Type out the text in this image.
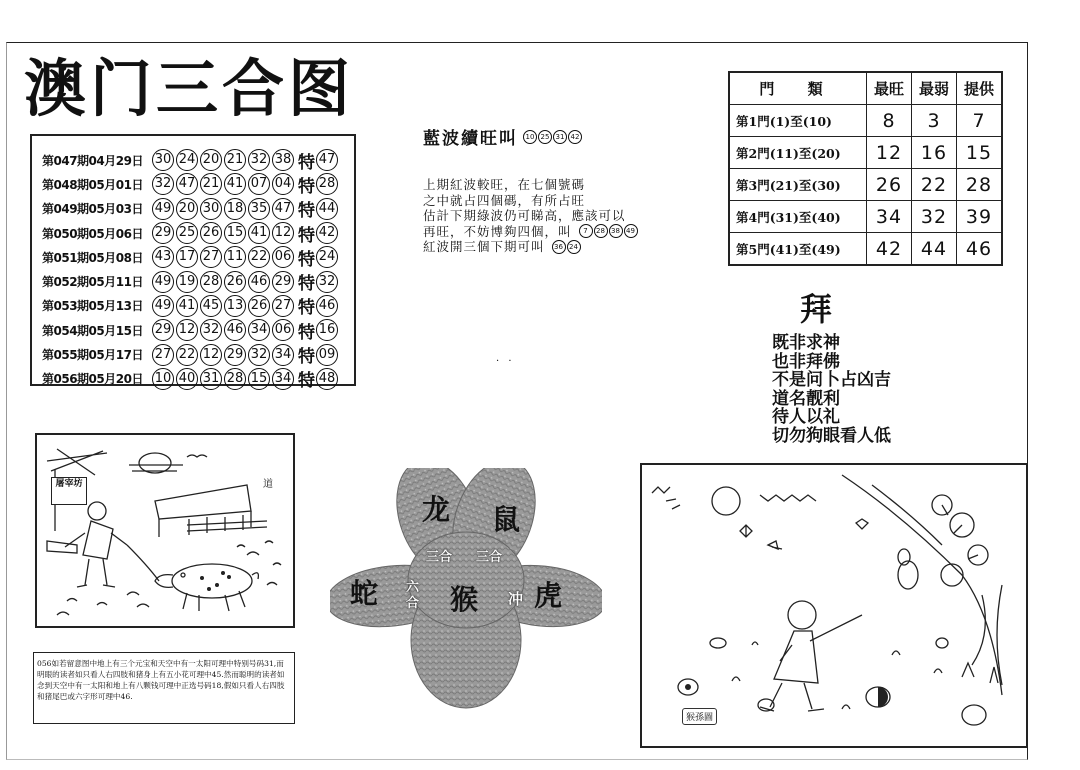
澳门三合图
第047期04月29日 30 24 20 21 32 38 特 47
第048期05月01日 32 47 21 41 07 04 特 28
第049期05月03日 49 20 30 18 35 47 特 44
第050期05月06日 29 25 26 15 41 12 特 42
第051期05月08日 43 17 27 11 22 06 特 24
第052期05月11日 49 19 28 26 46 29 特 32
第053期05月13日 49 41 45 13 26 27 特 46
第054期05月15日 29 12 32 46 34 06 特 16
第055期05月17日 27 22 12 29 32 34 特 09
第056期05月20日 10 40 31 28 15 34 特 48
藍波續旺叫	10 25 31 42
上期紅波較旺，在七個號碼
之中就占四個碼，有所占旺
估計下期綠波仍可睇高，應該可以
再旺，不妨博夠四個，叫	7	28 38 49
紅波開三個下期可叫	36 24
· ·
門 類	最旺	最弱	提供
第1門(1)至(10)	8	3	7
第2門(11)至(20)	12	16	15
第3門(21)至(30)	26	22	28
第4門(31)至(40)	34	32	39
第5門(41)至(49)	42	44	46
拜
既非求神
也非拜佛
不是问卜占凶吉
道名靓利
待人以礼
切勿狗眼看人低
屠宰坊	道
龙 鼠
三合 三合
蛇 六合 猴 冲 虎
猴孫圖
056如若留意图中地上有三个元宝和天空中有一太阳可理中特别号码31,而明眼的读者如只看人右四肢和猪身上有五小花可理中45.然而聪明的读者如念到天空中有一太阳和地上有八颗钱可理中正选号码18,假如只看人右四肢和猪尾巴或六字形可理中46.
